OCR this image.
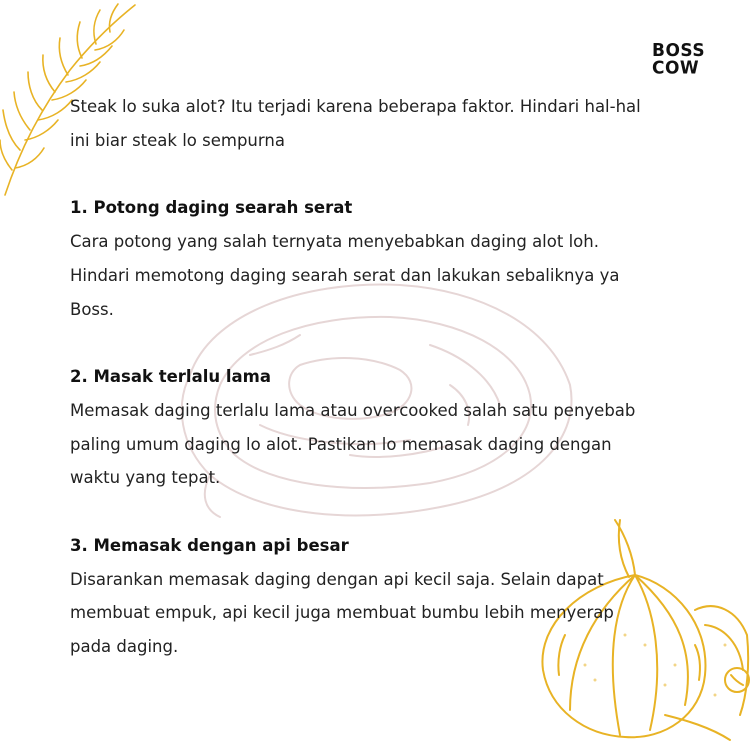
BOSS
COW

Steak lo suka alot? Itu terjadi karena beberapa faktor. Hindari hal-hal ini biar steak lo sempurna

1. Potong daging searah serat

Cara potong yang salah ternyata menyebabkan daging alot loh. Hindari memotong daging searah serat dan lakukan sebaliknya ya Boss.

2. Masak terlalu lama

Memasak daging terlalu lama atau overcooked salah satu penyebab paling umum daging lo alot. Pastikan lo memasak daging dengan waktu yang tepat.

3. Memasak dengan api besar

Disarankan memasak daging dengan api kecil saja. Selain dapat membuat empuk, api kecil juga membuat bumbu lebih menyerap pada daging.
